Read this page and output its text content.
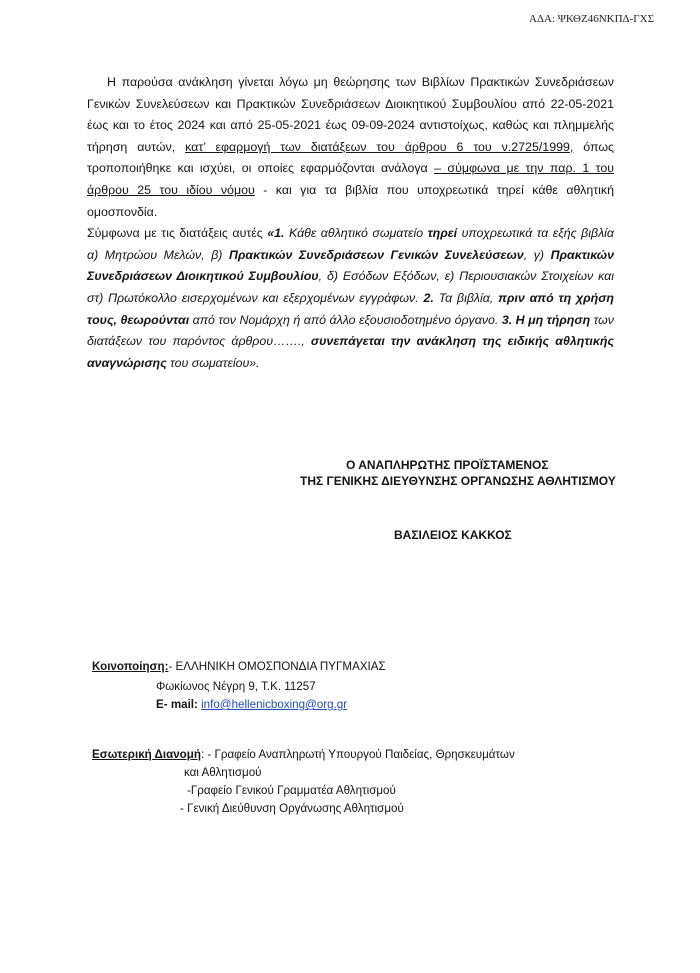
ΑΔΑ: ΨΚΘΖ46ΝΚΠΔ-ΓΧΣ

Η παρούσα ανάκληση γίνεται λόγω μη θεώρησης των Βιβλίων Πρακτικών Συνεδριάσεων Γενικών Συνελεύσεων και Πρακτικών Συνεδριάσεων Διοικητικού Συμβουλίου από 22-05-2021 έως και το έτος 2024 και από 25-05-2021 έως 09-09-2024 αντιστοίχως, καθώς και πλημμελής τήρηση αυτών, κατ’ εφαρμογή των διατάξεων του άρθρου 6 του ν.2725/1999, όπως τροποποιήθηκε και ισχύει, οι οποίες εφαρμόζονται ανάλογα – σύμφωνα με την παρ. 1 του άρθρου 25 του ιδίου νόμου - και για τα βιβλία που υποχρεωτικά τηρεί κάθε αθλητική ομοσπονδία.

Σύμφωνα με τις διατάξεις αυτές «1. Κάθε αθλητικό σωματείο τηρεί υποχρεωτικά τα εξής βιβλία α) Μητρώου Μελών, β) Πρακτικών Συνεδριάσεων Γενικών Συνελεύσεων, γ) Πρακτικών Συνεδριάσεων Διοικητικού Συμβουλίου, δ) Εσόδων Εξόδων, ε) Περιουσιακών Στοιχείων και στ) Πρωτόκολλο εισερχομένων και εξερχομένων εγγράφων. 2. Τα βιβλία, πριν από τη χρήση τους, θεωρούνται από τον Νομάρχη ή από άλλο εξουσιοδοτημένο όργανο. 3. Η μη τήρηση των διατάξεων του παρόντος άρθρου……., συνεπάγεται την ανάκληση της ειδικής αθλητικής αναγνώρισης του σωματείου».

Ο ΑΝΑΠΛΗΡΩΤΗΣ ΠΡΟΪΣΤΑΜΕΝΟΣ
ΤΗΣ ΓΕΝΙΚΗΣ ΔΙΕΥΘΥΝΣΗΣ ΟΡΓΑΝΩΣΗΣ ΑΘΛΗΤΙΣΜΟΥ
ΒΑΣΙΛΕΙΟΣ ΚΑΚΚΟΣ
Κοινοποίηση:- ΕΛΛΗΝΙΚΗ ΟΜΟΣΠΟΝΔΙΑ ΠΥΓΜΑΧΙΑΣ
Φωκίωνος Νέγρη 9, Τ.Κ. 11257
E- mail: info@hellenicboxing@org.gr
Εσωτερική Διανομή: - Γραφείο Αναπληρωτή Υπουργού Παιδείας, Θρησκευμάτων
και Αθλητισμού
-Γραφείο Γενικού Γραμματέα Αθλητισμού
- Γενική Διεύθυνση Οργάνωσης Αθλητισμού
